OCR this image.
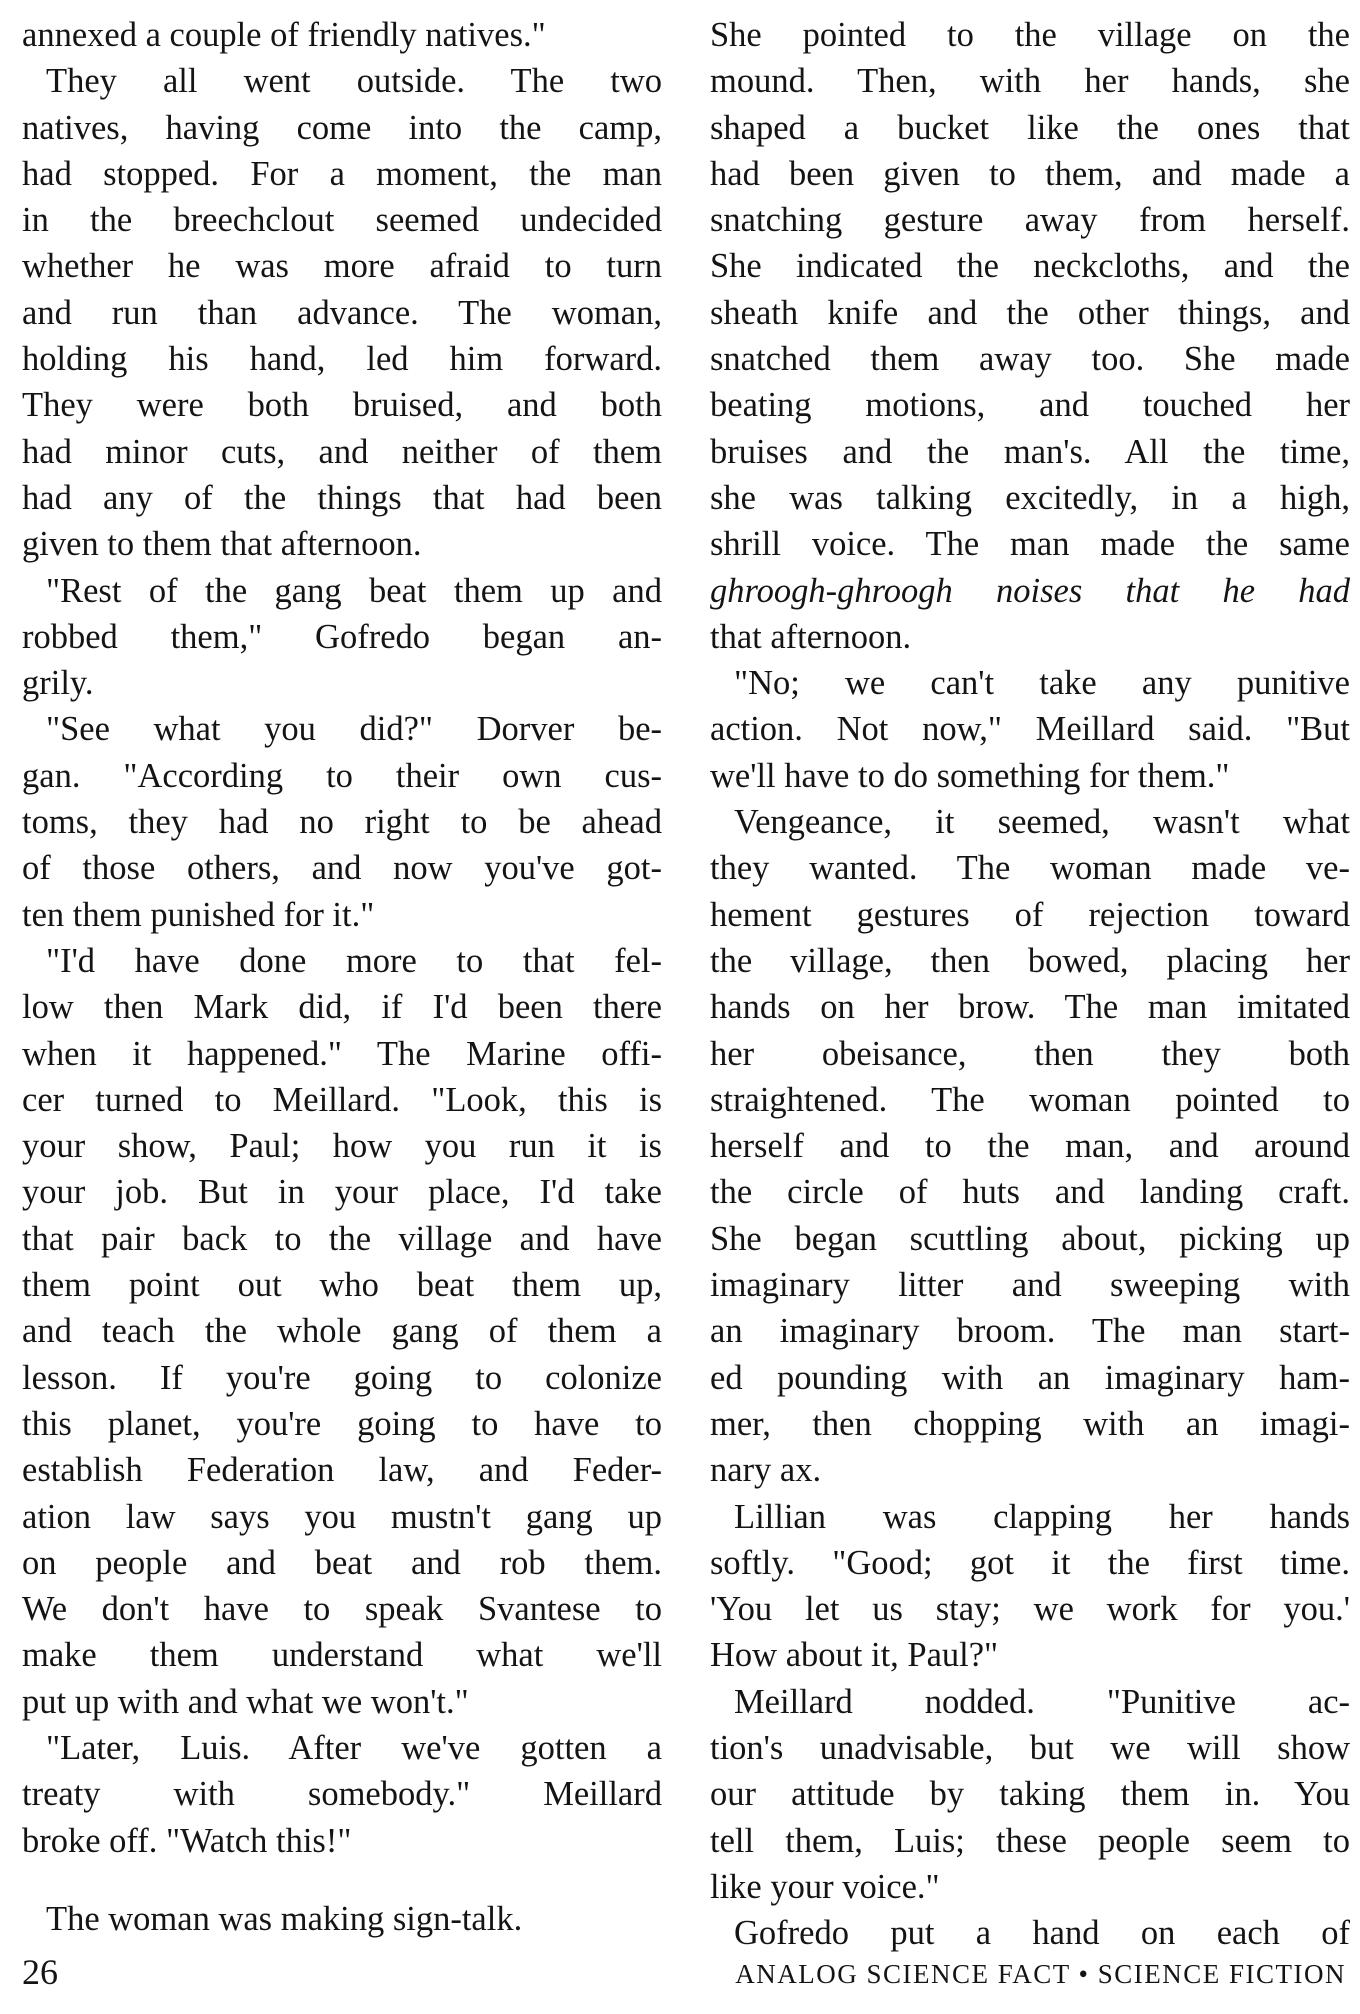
annexed a couple of friendly natives."

They all went outside. The two

natives, having come into the camp,

had stopped. For a moment, the man

in the breechclout seemed undecided

whether he was more afraid to turn

and run than advance. The woman,

holding his hand, led him forward.

They were both bruised, and both

had minor cuts, and neither of them

had any of the things that had been

given to them that afternoon.

"Rest of the gang beat them up and

robbed them," Gofredo began an-

grily.

"See what you did?" Dorver be-

gan. "According to their own cus-

toms, they had no right to be ahead

of those others, and now you've got-

ten them punished for it."

"I'd have done more to that fel-

low then Mark did, if I'd been there

when it happened." The Marine offi-

cer turned to Meillard. "Look, this is

your show, Paul; how you run it is

your job. But in your place, I'd take

that pair back to the village and have

them point out who beat them up,

and teach the whole gang of them a

lesson. If you're going to colonize

this planet, you're going to have to

establish Federation law, and Feder-

ation law says you mustn't gang up

on people and beat and rob them.

We don't have to speak Svantese to

make them understand what we'll

put up with and what we won't."

"Later, Luis. After we've gotten a

treaty with somebody." Meillard

broke off. "Watch this!"

The woman was making sign-talk.

She pointed to the village on the

mound. Then, with her hands, she

shaped a bucket like the ones that

had been given to them, and made a

snatching gesture away from herself.

She indicated the neckcloths, and the

sheath knife and the other things, and

snatched them away too. She made

beating motions, and touched her

bruises and the man's. All the time,

she was talking excitedly, in a high,

shrill voice. The man made the same

ghroogh-ghroogh noises that he had

that afternoon.

"No; we can't take any punitive

action. Not now," Meillard said. "But

we'll have to do something for them."

Vengeance, it seemed, wasn't what

they wanted. The woman made ve-

hement gestures of rejection toward

the village, then bowed, placing her

hands on her brow. The man imitated

her obeisance, then they both

straightened. The woman pointed to

herself and to the man, and around

the circle of huts and landing craft.

She began scuttling about, picking up

imaginary litter and sweeping with

an imaginary broom. The man start-

ed pounding with an imaginary ham-

mer, then chopping with an imagi-

nary ax.

Lillian was clapping her hands

softly. "Good; got it the first time.

'You let us stay; we work for you.'

How about it, Paul?"

Meillard nodded. "Punitive ac-

tion's unadvisable, but we will show

our attitude by taking them in. You

tell them, Luis; these people seem to

like your voice."

Gofredo put a hand on each of

26	ANALOG SCIENCE FACT • SCIENCE FICTION
